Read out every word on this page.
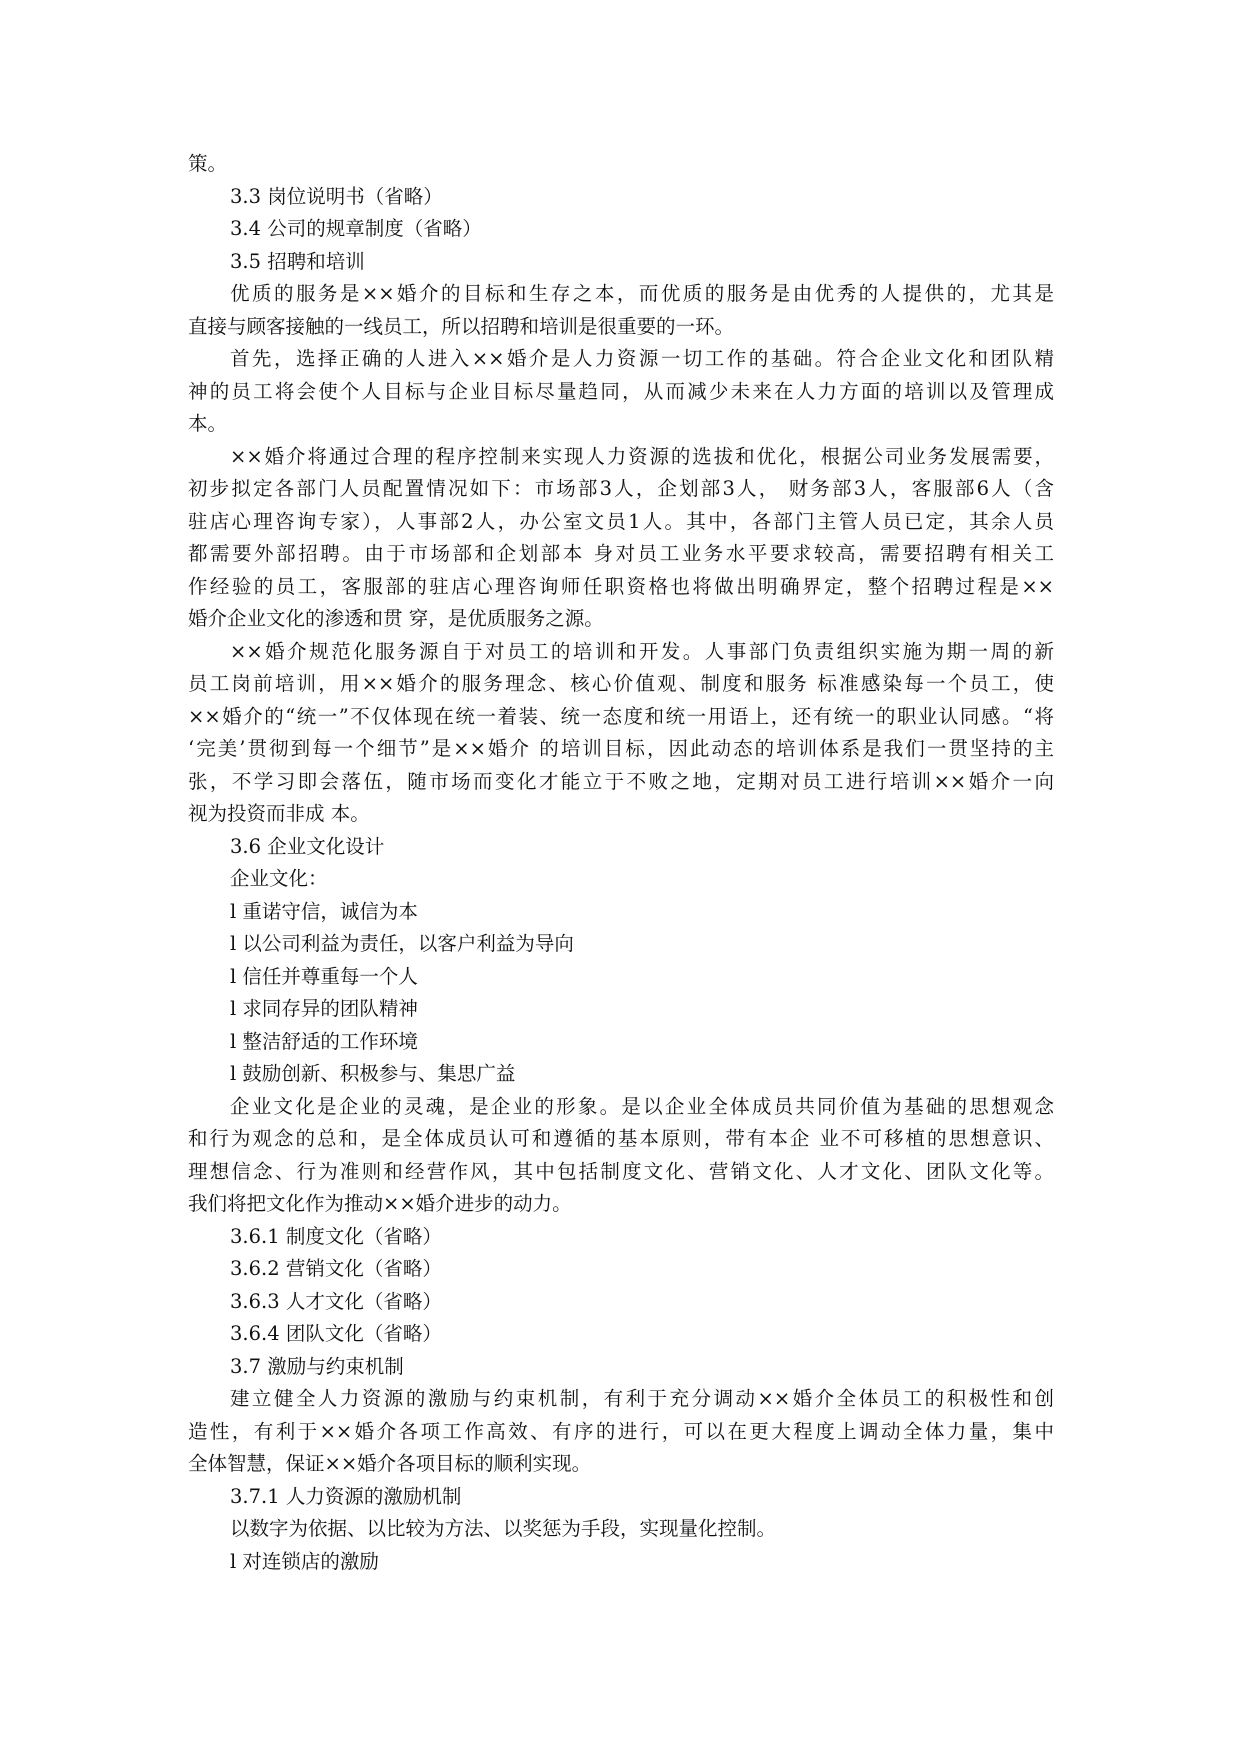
策。
3.3 岗位说明书（省略）
3.4 公司的规章制度（省略）
3.5 招聘和培训
优质的服务是××婚介的目标和生存之本，而优质的服务是由优秀的人提供的，尤其是
直接与顾客接触的一线员工，所以招聘和培训是很重要的一环。
首先，选择正确的人进入××婚介是人力资源一切工作的基础。符合企业文化和团队精
神的员工将会使个人目标与企业目标尽量趋同，从而减少未来在人力方面的培训以及管理成
本。
××婚介将通过合理的程序控制来实现人力资源的选拔和优化，根据公司业务发展需要，
初步拟定各部门人员配置情况如下：市场部3人，企划部3人， 财务部3人，客服部6人（含
驻店心理咨询专家），人事部2人，办公室文员1人。其中，各部门主管人员已定，其余人员
都需要外部招聘。由于市场部和企划部本 身对员工业务水平要求较高，需要招聘有相关工
作经验的员工，客服部的驻店心理咨询师任职资格也将做出明确界定，整个招聘过程是××
婚介企业文化的渗透和贯 穿，是优质服务之源。
××婚介规范化服务源自于对员工的培训和开发。人事部门负责组织实施为期一周的新
员工岗前培训，用××婚介的服务理念、核心价值观、制度和服务 标准感染每一个员工，使
××婚介的“统一”不仅体现在统一着装、统一态度和统一用语上，还有统一的职业认同感。“将
‘完美’贯彻到每一个细节”是××婚介 的培训目标，因此动态的培训体系是我们一贯坚持的主
张，不学习即会落伍，随市场而变化才能立于不败之地，定期对员工进行培训××婚介一向
视为投资而非成 本。
3.6 企业文化设计
企业文化：
l 重诺守信，诚信为本
l 以公司利益为责任，以客户利益为导向
l 信任并尊重每一个人
l 求同存异的团队精神
l 整洁舒适的工作环境
l 鼓励创新、积极参与、集思广益
企业文化是企业的灵魂，是企业的形象。是以企业全体成员共同价值为基础的思想观念
和行为观念的总和，是全体成员认可和遵循的基本原则，带有本企 业不可移植的思想意识、
理想信念、行为准则和经营作风，其中包括制度文化、营销文化、人才文化、团队文化等。
我们将把文化作为推动××婚介进步的动力。
3.6.1 制度文化（省略）
3.6.2 营销文化（省略）
3.6.3 人才文化（省略）
3.6.4 团队文化（省略）
3.7 激励与约束机制
建立健全人力资源的激励与约束机制，有利于充分调动××婚介全体员工的积极性和创
造性，有利于××婚介各项工作高效、有序的进行，可以在更大程度上调动全体力量，集中
全体智慧，保证××婚介各项目标的顺利实现。
3.7.1 人力资源的激励机制
以数字为依据、以比较为方法、以奖惩为手段，实现量化控制。
l 对连锁店的激励
